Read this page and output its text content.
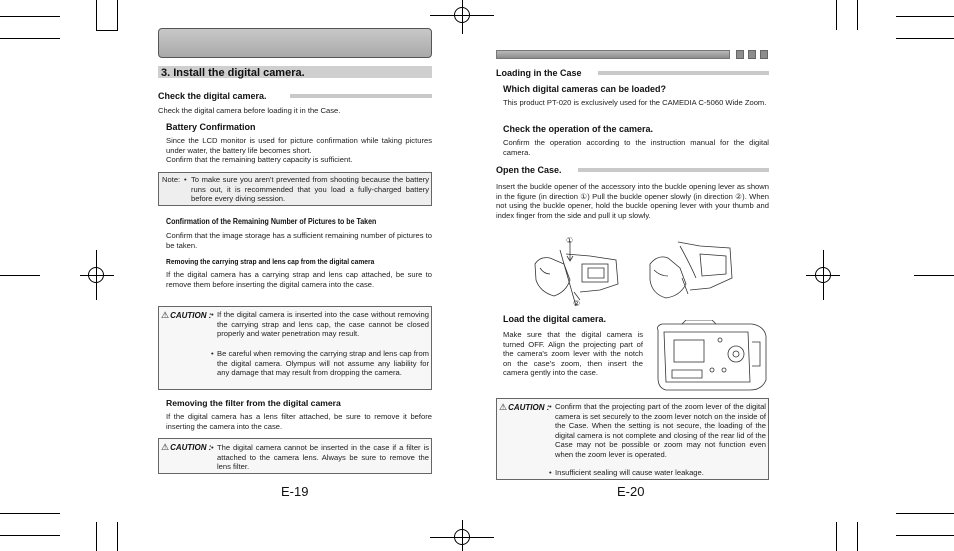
3. Install the digital camera.
Check the digital camera.
Check the digital camera before loading it in the Case.
Battery Confirmation
Since the LCD monitor is used for picture confirmation while taking pictures under water, the battery life becomes short.
Confirm that the remaining battery capacity is sufficient.
Note: • To make sure you aren't prevented from shooting because the battery runs out, it is recommended that you load a fully-charged battery before every diving session.
Confirmation of the Remaining Number of Pictures to be Taken
Confirm that the image storage has a sufficient remaining number of pictures to be taken.
Removing the carrying strap and lens cap from the digital camera
If the digital camera has a carrying strap and lens cap attached, be sure to remove them before inserting the digital camera into the case.
⚠CAUTION : • If the digital camera is inserted into the case without removing the carrying strap and lens cap, the case cannot be closed properly and water penetration may result.
• Be careful when removing the carrying strap and lens cap from the digital camera. Olympus will not assume any liability for any damage that may result from dropping the camera.
Removing the filter from the digital camera
If the digital camera has a lens filter attached, be sure to remove it before inserting the camera into the case.
⚠CAUTION : • The digital camera cannot be inserted in the case if a filter is attached to the camera lens. Always be sure to remove the lens filter.
E-19
Loading in the Case
Which digital cameras can be loaded?
This product PT-020 is exclusively used for the CAMEDIA C-5060 Wide Zoom.
Check the operation of the camera.
Confirm the operation according to the instruction manual for the digital camera.
Open the Case.
Insert the buckle opener of the accessory into the buckle opening lever as shown in the figure (in direction ①) Pull the buckle opener slowly (in direction ②). When not using the buckle opener, hold the buckle opening lever with your thumb and index finger from the side and pull it up slowly.
①
②
Load the digital camera.
Make sure that the digital camera is turned OFF. Align the projecting part of the camera's zoom lever with the notch on the case's zoom, then insert the camera gently into the case.
⚠CAUTION : • Confirm that the projecting part of the zoom lever of the digital camera is set securely to the zoom lever notch on the inside of the Case. When the setting is not secure, the loading of the digital camera is not complete and closing of the rear lid of the Case may not be possible or zoom may not function even when the zoom lever is operated.
• Insufficient sealing will cause water leakage.
E-20
